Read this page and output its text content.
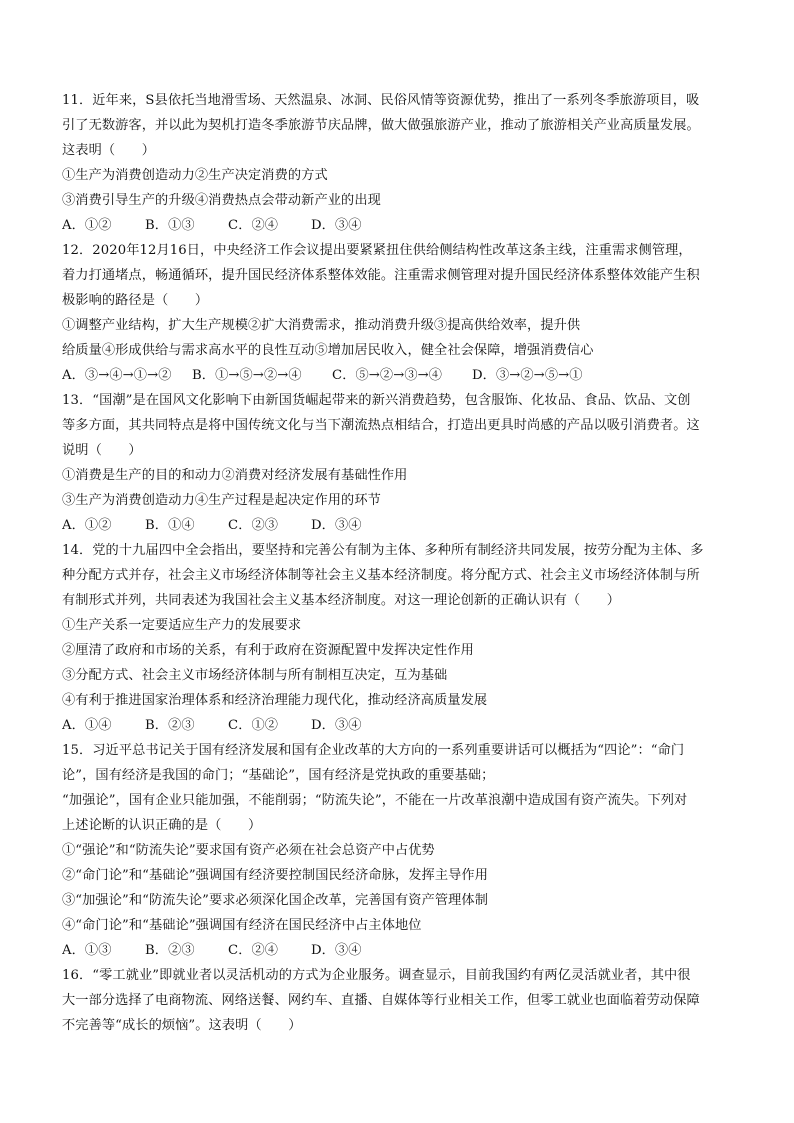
11．近年来，S县依托当地滑雪场、天然温泉、冰洞、民俗风情等资源优势，推出了一系列冬季旅游项目，吸
引了无数游客，并以此为契机打造冬季旅游节庆品牌，做大做强旅游产业，推动了旅游相关产业高质量发展。
这表明（　　）
①生产为消费创造动力②生产决定消费的方式
③消费引导生产的升级④消费热点会带动新产业的出现
A．①②	B．①③	C．②④	D．③④
12．2020年12月16日，中央经济工作会议提出要紧紧扭住供给侧结构性改革这条主线，注重需求侧管理，
着力打通堵点，畅通循环，提升国民经济体系整体效能。注重需求侧管理对提升国民经济体系整体效能产生积
极影响的路径是（　　）
①调整产业结构，扩大生产规模②扩大消费需求，推动消费升级③提高供给效率，提升供
给质量④形成供给与需求高水平的良性互动⑤增加居民收入，健全社会保障，增强消费信心
A．③→④→①→②	B．①→⑤→②→④	C．⑤→②→③→④	D．③→②→⑤→①
13．“国潮”是在国风文化影响下由新国货崛起带来的新兴消费趋势，包含服饰、化妆品、食品、饮品、文创
等多方面，其共同特点是将中国传统文化与当下潮流热点相结合，打造出更具时尚感的产品以吸引消费者。这
说明（　　）
①消费是生产的目的和动力②消费对经济发展有基础性作用
③生产为消费创造动力④生产过程是起决定作用的环节
A．①②	B．①④	C．②③	D．③④
14．党的十九届四中全会指出，要坚持和完善公有制为主体、多种所有制经济共同发展，按劳分配为主体、多
种分配方式并存，社会主义市场经济体制等社会主义基本经济制度。将分配方式、社会主义市场经济体制与所
有制形式并列，共同表述为我国社会主义基本经济制度。对这一理论创新的正确认识有（　　）
①生产关系一定要适应生产力的发展要求
②厘清了政府和市场的关系，有利于政府在资源配置中发挥决定性作用
③分配方式、社会主义市场经济体制与所有制相互决定，互为基础
④有利于推进国家治理体系和经济治理能力现代化，推动经济高质量发展
A．①④	B．②③	C．①②	D．③④
15．习近平总书记关于国有经济发展和国有企业改革的大方向的一系列重要讲话可以概括为“四论”：“命门
论”，国有经济是我国的命门；“基础论”，国有经济是党执政的重要基础；
“加强论”，国有企业只能加强，不能削弱；“防流失论”，不能在一片改革浪潮中造成国有资产流失。下列对
上述论断的认识正确的是（　　）
①“强论”和“防流失论”要求国有资产必须在社会总资产中占优势
②“命门论”和“基础论”强调国有经济要控制国民经济命脉，发挥主导作用
③“加强论”和“防流失论”要求必须深化国企改革，完善国有资产管理体制
④“命门论”和“基础论”强调国有经济在国民经济中占主体地位
A．①③	B．②③	C．②④	D．③④
16．“零工就业”即就业者以灵活机动的方式为企业服务。调查显示，目前我国约有两亿灵活就业者，其中很
大一部分选择了电商物流、网络送餐、网约车、直播、自媒体等行业相关工作，但零工就业也面临着劳动保障
不完善等“成长的烦恼”。这表明（　　）
